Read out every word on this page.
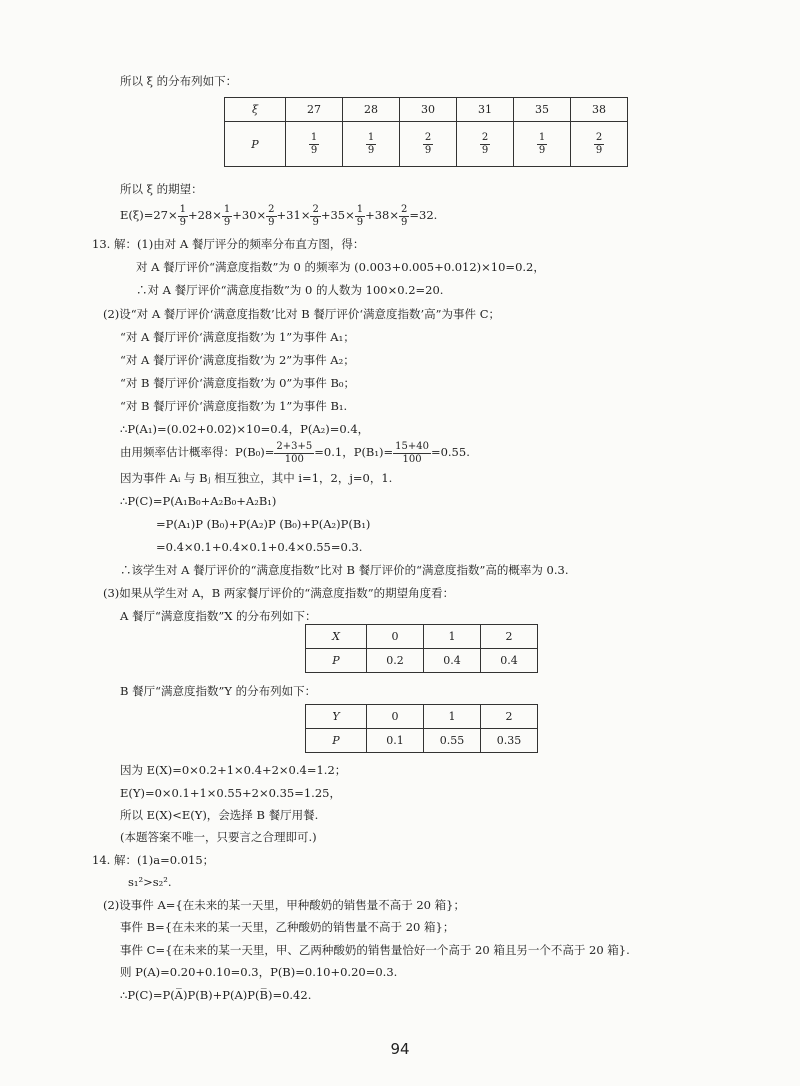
所以 ξ 的分布列如下：
ξ	27	28	30	31	35	38
P	$\frac{1}{9}$	$\frac{1}{9}$	$\frac{2}{9}$	$\frac{2}{9}$	$\frac{1}{9}$	$\frac{2}{9}$
所以 ξ 的期望：
$E(\xi)=27\times \frac{1}{9} +28\times \frac{1}{9} +30\times \frac{2}{9} +31\times \frac{2}{9} +35\times \frac{1}{9} +38\times \frac{2}{9} =32$.
13. 解：(1)由对 A 餐厅评分的频率分布直方图，得：
对 A 餐厅评价“满意度指数”为 0 的频率为 (0.003+0.005+0.012)×10=0.2，
∴对 A 餐厅评价“满意度指数”为 0 的人数为 100×0.2=20.
(2)设“对 A 餐厅评价‘满意度指数’比对 B 餐厅评价‘满意度指数’高”为事件 C；
“对 A 餐厅评价‘满意度指数’为 1”为事件 A₁；
“对 A 餐厅评价‘满意度指数’为 2”为事件 A₂；
“对 B 餐厅评价‘满意度指数’为 0”为事件 B₀；
“对 B 餐厅评价‘满意度指数’为 1”为事件 B₁.
∴P(A₁)=(0.02+0.02)×10=0.4，P(A₂)=0.4，
由用频率估计概率得：$P(B_0)= \frac{2+3+5}{100} =0.1$，$P(B_1)= \frac{15+40}{100} =0.55$.
因为事件 Aᵢ 与 Bⱼ 相互独立，其中 i=1，2，j=0，1.
∴P(C)=P(A₁B₀+A₂B₀+A₂B₁)
=P(A₁)P (B₀)+P(A₂)P (B₀)+P(A₂)P(B₁)
=0.4×0.1+0.4×0.1+0.4×0.55=0.3.
∴该学生对 A 餐厅评价的“满意度指数”比对 B 餐厅评价的“满意度指数”高的概率为 0.3.
(3)如果从学生对 A，B 两家餐厅评价的“满意度指数”的期望角度看：
A 餐厅“满意度指数”X 的分布列如下：
X	0	1	2
P	0.2	0.4	0.4
B 餐厅“满意度指数”Y 的分布列如下：
Y	0	1	2
P	0.1	0.55	0.35
因为 E(X)=0×0.2+1×0.4+2×0.4=1.2；
E(Y)=0×0.1+1×0.55+2×0.35=1.25，
所以 E(X)<E(Y)，会选择 B 餐厅用餐.
(本题答案不唯一，只要言之合理即可.)
14. 解：(1)a=0.015；
s₁²>s₂².
(2)设事件 A={在未来的某一天里，甲种酸奶的销售量不高于 20 箱}；
事件 B={在未来的某一天里，乙种酸奶的销售量不高于 20 箱}；
事件 C={在未来的某一天里，甲、乙两种酸奶的销售量恰好一个高于 20 箱且另一个不高于 20 箱}.
则 P(A)=0.20+0.10=0.3，P(B)=0.10+0.20=0.3.
∴P(C)=P(A̅)P(B)+P(A)P(B̅)=0.42.
94
